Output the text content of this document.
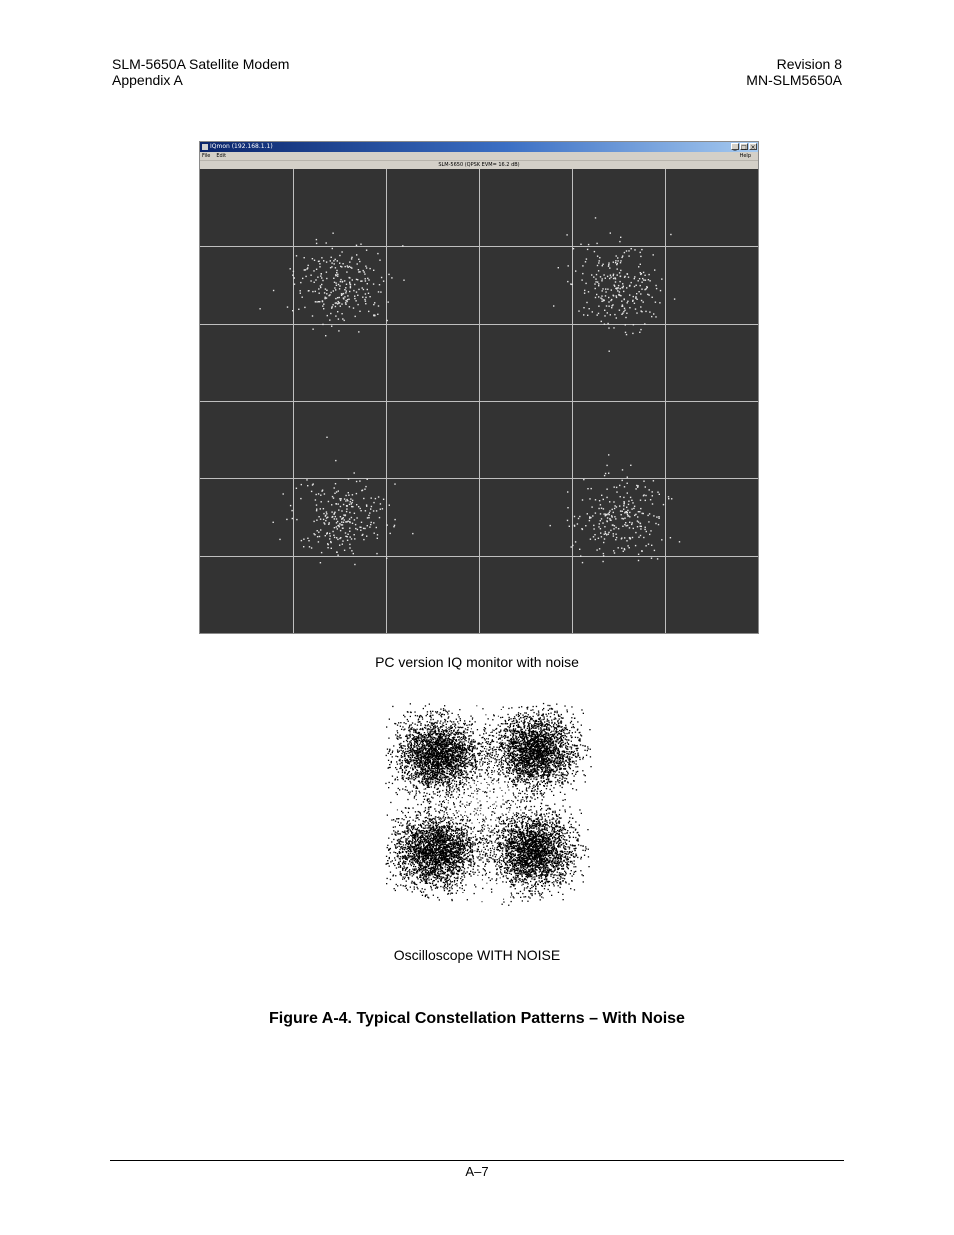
SLM-5650A Satellite Modem
Appendix A
Revision 8
MN-SLM5650A
IQmon (192.168.1.1)	_ □ ×
File Edit	Help
SLM-5650 (QPSK EVM= 16.2 dB)
PC version IQ monitor with noise
Oscilloscope WITH NOISE
Figure A-4. Typical Constellation Patterns – With Noise
A–7
